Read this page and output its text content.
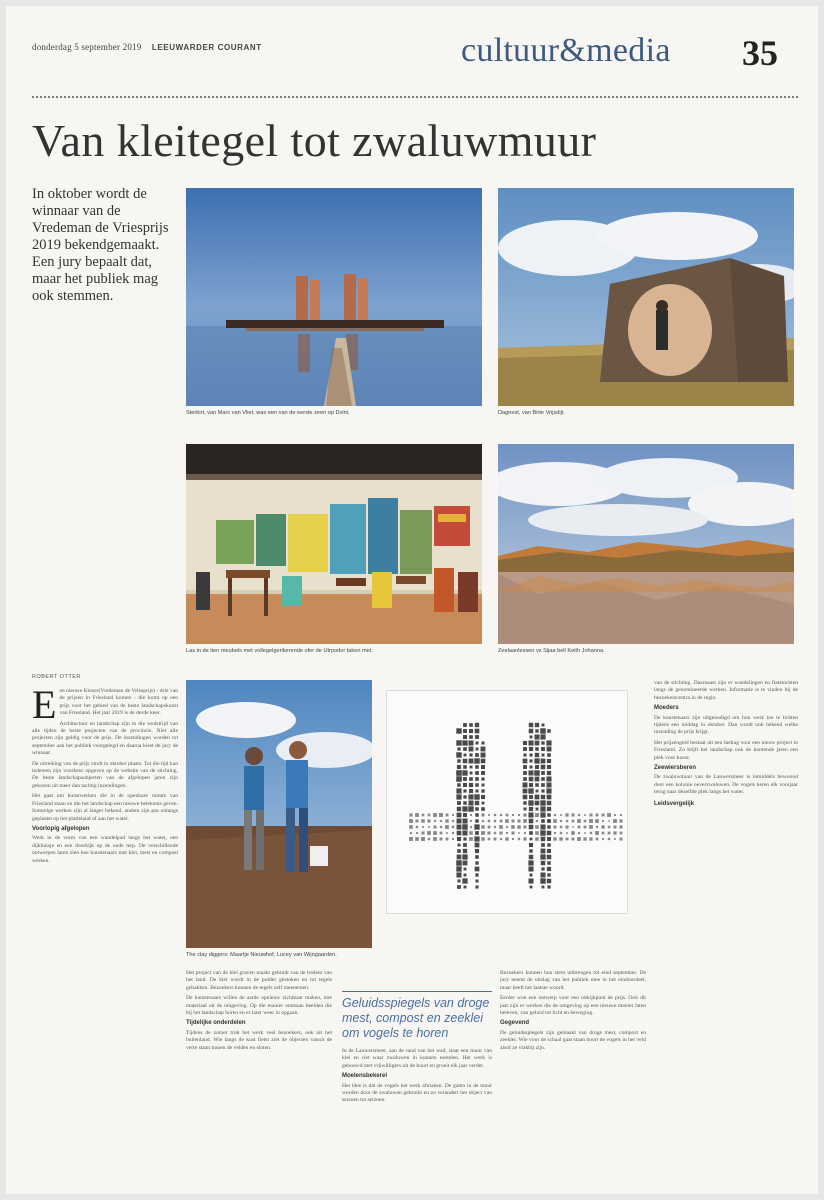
donderdag 5 september 2019 LEEUWARDER COURANT	cultuur&media 35
Van kleitegel tot zwaluwmuur
In oktober wordt de winnaar van de Vredeman de Vriesprijs 2019 bekendgemaakt. Een jury bepaalt dat, maar het publiek mag ook stemmen.
Sterbirt, van Marc van Vliet, was een van de eerste zeen op Dvini.	Dagnest, van Birte Vrijsdijt.
Las in de tien meubels met vollegelgerikerende ofer de Utrpodor taken met.	Zeelaanlessen vs Sijaa bell Keith Johanna.
The clay diggers: Maartje Nieuwhof, Lucey van Wijngaarden.
ROBERT OTTER

Een nieuwe Kiezer(Vredeman de Vriesprijs) - drie van de prijzen in Friesland komen - die komt op een prijs voor het gebied van de beste landschapskunst van Friesland. Het jaar 2019 is de derde keer.

Architectuur en landschap zijn in die wedstrijd van alle tijden de beste projecten van de provincie. Niet alle projecten zijn geldig voor de prijs. De inzendingen worden tot september aan het publiek voorgelegd en daarna kiest de jury de winnaar.

De uitreiking van de prijs vindt in oktober plaats. Tot die tijd kan iedereen zijn voorkeur opgeven op de website van de stichting. De beste landschapsobjecten van de afgelopen jaren zijn gekozen uit meer dan tachtig inzendingen.

Het gaat om kunstwerken die in de openbare ruimte van Friesland staan en die het landschap een nieuwe betekenis geven. Sommige werken zijn al langer bekend, andere zijn pas onlangs geplaatst op het platteland of aan het water.

Voorlopig afgelopen

Werk in de vorm van een wandelpad langs het water, een dijkhuisje en een doorkijk op de oude terp. De verschillende ontwerpen laten zien hoe kunstenaars met klei, mest en compost werken.

Het project van de klei graven maakt gebruik van de bodem van het land. De klei wordt in de polder gestoken en tot tegels gebakken. Bezoekers kunnen de tegels zelf meenemen.

De kunstenaars willen de aarde opnieuw zichtbaar maken, met materiaal uit de omgeving. Op die manier ontstaan beelden die bij het landschap horen en er later weer in opgaan.

Tijdelijke onderdelen

Tijdens de zomer trok het werk veel bezoekers, ook uit het buitenland. Wie langs de kust fietst ziet de objecten vanuit de verte staan tussen de velden en sloten.

Geluidsspiegels van droge mest, compost en zeeklei om vogels te horen

In de Lauwersmeer, aan de rand van het wad, staat een muur van klei en riet waar zwaluwen in kunnen nestelen. Het werk is gebouwd met vrijwilligers uit de buurt en groeit elk jaar verder.

Moelensbekerel

Het idee is dat de vogels het werk afmaken. De gaten in de muur worden door de zwaluwen gebruikt en zo verandert het object van seizoen tot seizoen.

Bezoekers kunnen hun stem uitbrengen tot eind september. De jury neemt de uitslag van het publiek mee in het eindoordeel, maar heeft het laatste woord.

Eerder won een ontwerp voor een uitkijkpunt de prijs. Ook dit jaar zijn er werken die de omgeving op een nieuwe manier laten beleven, van geluid tot licht en beweging.

Gegevend

De geluidsspiegels zijn gemaakt van droge mest, compost en zeeklei. Wie voor de schaal gaat staan hoort de vogels in het veld alsof ze vlakbij zijn.

van de stichting. Daarnaast zijn er wandelingen en fietstochten langs de genomineerde werken. Informatie is te vinden bij de bezoekerscentra in de regio.

Moeders

De kunstenaars zijn uitgenodigd om hun werk toe te lichten tijdens een middag in oktober. Dan wordt ook bekend welke inzending de prijs krijgt.

Het prijzengeld bestaat uit een bedrag voor een nieuw project in Friesland. Zo blijft het landschap ook de komende jaren een plek voor kunst.

Zeewiersberen

De zwaluwmuur van de Lauwersmeer is inmiddels bewoond door een kolonie oeverzwaluwen. De vogels keren elk voorjaar terug naar dezelfde plek langs het water.

Leidsvergelijk
